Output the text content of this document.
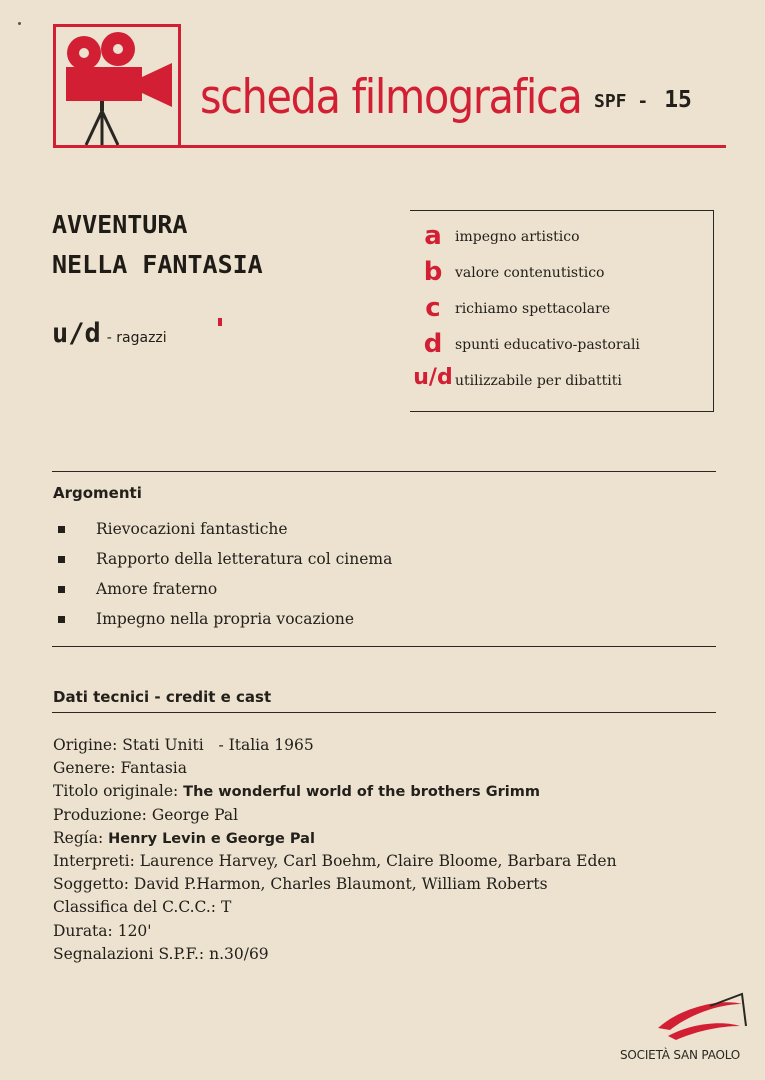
scheda filmografica SPF - 15
AVVENTURA
NELLA FANTASIA
u/d - ragazzi
a impegno artistico
b valore contenutistico
c	richiamo spettacolare
d spunti educativo-pastorali
u/d utilizzabile per dibattiti
Argomenti
Rievocazioni fantastiche
Rapporto della letteratura col cinema
Amore fraterno
Impegno nella propria vocazione
Dati tecnici - credit e cast
Origine: Stati Uniti   - Italia 1965
Genere: Fantasia
Titolo originale: The wonderful world of the brothers Grimm
Produzione: George Pal
Regía: Henry Levin e George Pal
Interpreti: Laurence Harvey, Carl Boehm, Claire Bloome, Barbara Eden
Soggetto: David P.Harmon, Charles Blaumont, William Roberts
Classifica del C.C.C.: T
Durata: 120'
Segnalazioni S.P.F.: n.30/69
SOCIETÀ SAN PAOLO
